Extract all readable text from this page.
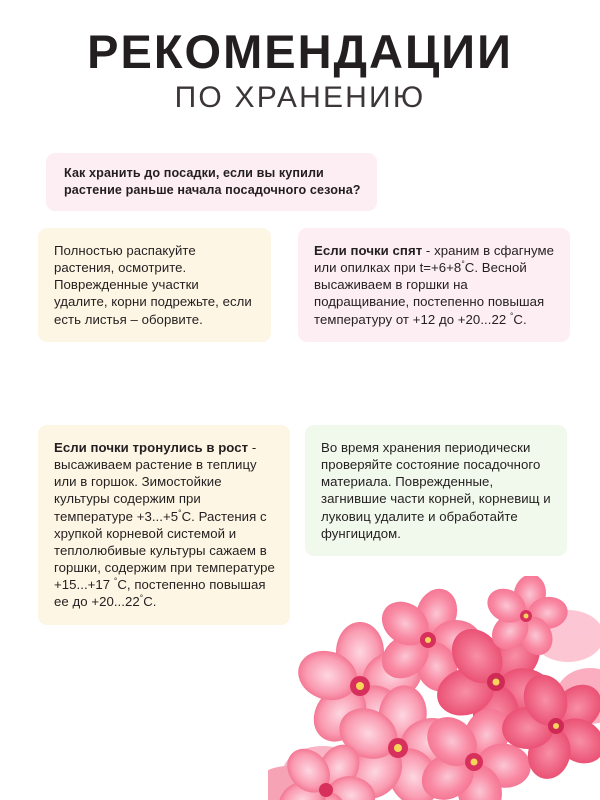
РЕКОМЕНДАЦИИ
ПО ХРАНЕНИЮ
Как хранить до посадки, если вы купили растение раньше начала посадочного сезона?

Полностью распакуйте растения, осмотрите. Поврежденные участки удалите, корни подрежьте, если есть листья – оборвите.

Если почки спят - храним в сфагнуме или опилках при t=+6+8°C. Весной высаживаем в горшки на подращивание, постепенно повышая температуру от +12 до +20...22 °C.

Если почки тронулись в рост - высаживаем растение в теплицу или в горшок. Зимостойкие культуры содержим при температуре +3...+5°C. Растения с хрупкой корневой системой и теплолюбивые культуры сажаем в горшки, содержим при температуре +15...+17 °C, постепенно повышая ее до +20...22°C.

Во время хранения периодически проверяйте состояние посадочного материала. Поврежденные, загнившие части корней, корневищ и луковиц удалите и обработайте фунгицидом.
